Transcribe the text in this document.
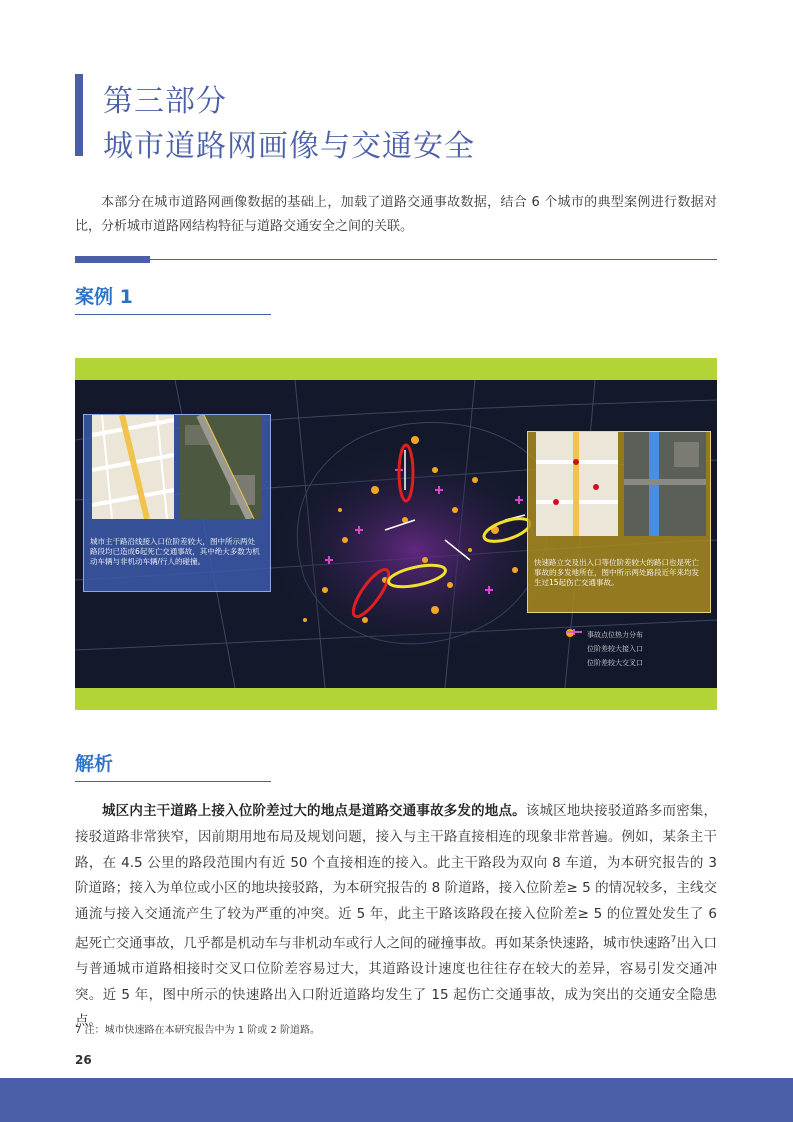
第三部分
城市道路网画像与交通安全
本部分在城市道路网画像数据的基础上，加载了道路交通事故数据，结合 6 个城市的典型案例进行数据对比，分析城市道路网结构特征与道路交通安全之间的关联。
案例 1
城市主干路沿线接入口位阶差较大，图中所示两处路段均已造成6起死亡交通事故，其中绝大多数为机动车辆与非机动车辆/行人的碰撞。	快速路立交及出入口等位阶差较大的路口也是死亡事故的多发地所在，图中所示两处路段近年来均发生过15起伤亡交通事故。
事故点位热力分布
位阶差较大接入口
位阶差较大交叉口
解析

城区内主干道路上接入位阶差过大的地点是道路交通事故多发的地点。该城区地块接驳道路多而密集，接驳道路非常狭窄，因前期用地布局及规划问题，接入与主干路直接相连的现象非常普遍。例如，某条主干路，在 4.5 公里的路段范围内有近 50 个直接相连的接入。此主干路段为双向 8 车道，为本研究报告的 3 阶道路；接入为单位或小区的地块接驳路，为本研究报告的 8 阶道路，接入位阶差≥ 5 的情况较多，主线交通流与接入交通流产生了较为严重的冲突。近 5 年，此主干路该路段在接入位阶差≥ 5 的位置处发生了 6 起死亡交通事故，几乎都是机动车与非机动车或行人之间的碰撞事故。再如某条快速路，城市快速路$^7$出入口与普通城市道路相接时交叉口位阶差容易过大，其道路设计速度也往往存在较大的差异，容易引发交通冲突。近 5 年，图中所示的快速路出入口附近道路均发生了 15 起伤亡交通事故，成为突出的交通安全隐患点。

7 注：城市快速路在本研究报告中为 1 阶或 2 阶道路。
26
